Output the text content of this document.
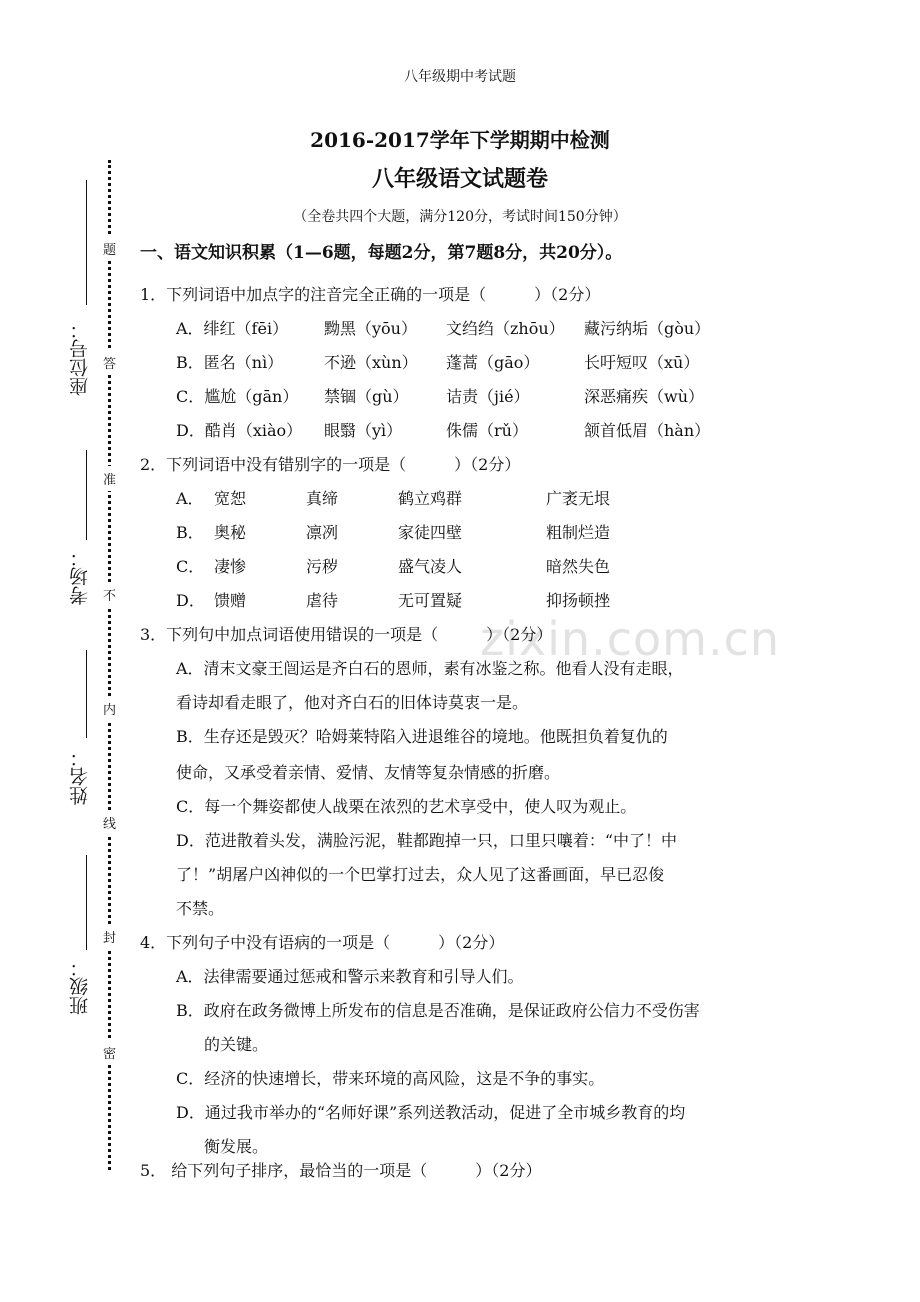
八年级期中考试题
2016-2017学年下学期期中检测
八年级语文试题卷
（全卷共四个大题，满分120分，考试时间150分钟）
zixin.com.cn
题
答
准
不
内
线
封
密
座位号：
考场：
姓名：
班级：
一、语文知识积累（1—6题，每题2分，第7题8分，共20分）。
1．下列词语中加点字的注音完全正确的一项是（　　　）（2分）
A．绯红（fēi） 黝黑（yōu） 文绉绉（zhōu） 藏污纳垢（gòu）
B．匿名（nì）	不逊（xùn） 蓬蒿（gāo）	长吁短叹（xū）
C．尴尬（gān） 禁锢（gù） 诘责（jié）	深恶痛疾（wù）
D．酷肖（xiào） 眼翳（yì）	侏儒（rǔ）	颔首低眉（hàn）
2．下列词语中没有错别字的一项是（　　　）（2分）
A． 宽恕	真缔	鹤立鸡群	广袤无垠
B． 奥秘	凛冽	家徒四壁	粗制烂造
C． 凄惨	污秽	盛气凌人	暗然失色
D． 馈赠	虐待	无可置疑	抑扬顿挫
3．下列句中加点词语使用错误的一项是（　　　）（2分）
A．清末文豪王闿运是齐白石的恩师，素有冰鉴之称。他看人没有走眼，
看诗却看走眼了，他对齐白石的旧体诗莫衷一是。
B．生存还是毁灭？哈姆莱特陷入进退维谷的境地。他既担负着复仇的
使命，又承受着亲情、爱情、友情等复杂情感的折磨。
C．每一个舞姿都使人战栗在浓烈的艺术享受中，使人叹为观止。
D．范进散着头发，满脸污泥，鞋都跑掉一只，口里只嚷着：“中了！中
了！”胡屠户凶神似的一个巴掌打过去，众人见了这番画面，早已忍俊
不禁。
4．下列句子中没有语病的一项是（　　　）（2分）
A．法律需要通过惩戒和警示来教育和引导人们。
B．政府在政务微博上所发布的信息是否准确，是保证政府公信力不受伤害
的关键。
C．经济的快速增长，带来环境的高风险，这是不争的事实。
D．通过我市举办的“名师好课”系列送教活动，促进了全市城乡教育的均
衡发展。
5． 给下列句子排序，最恰当的一项是（　　　）（2分）
